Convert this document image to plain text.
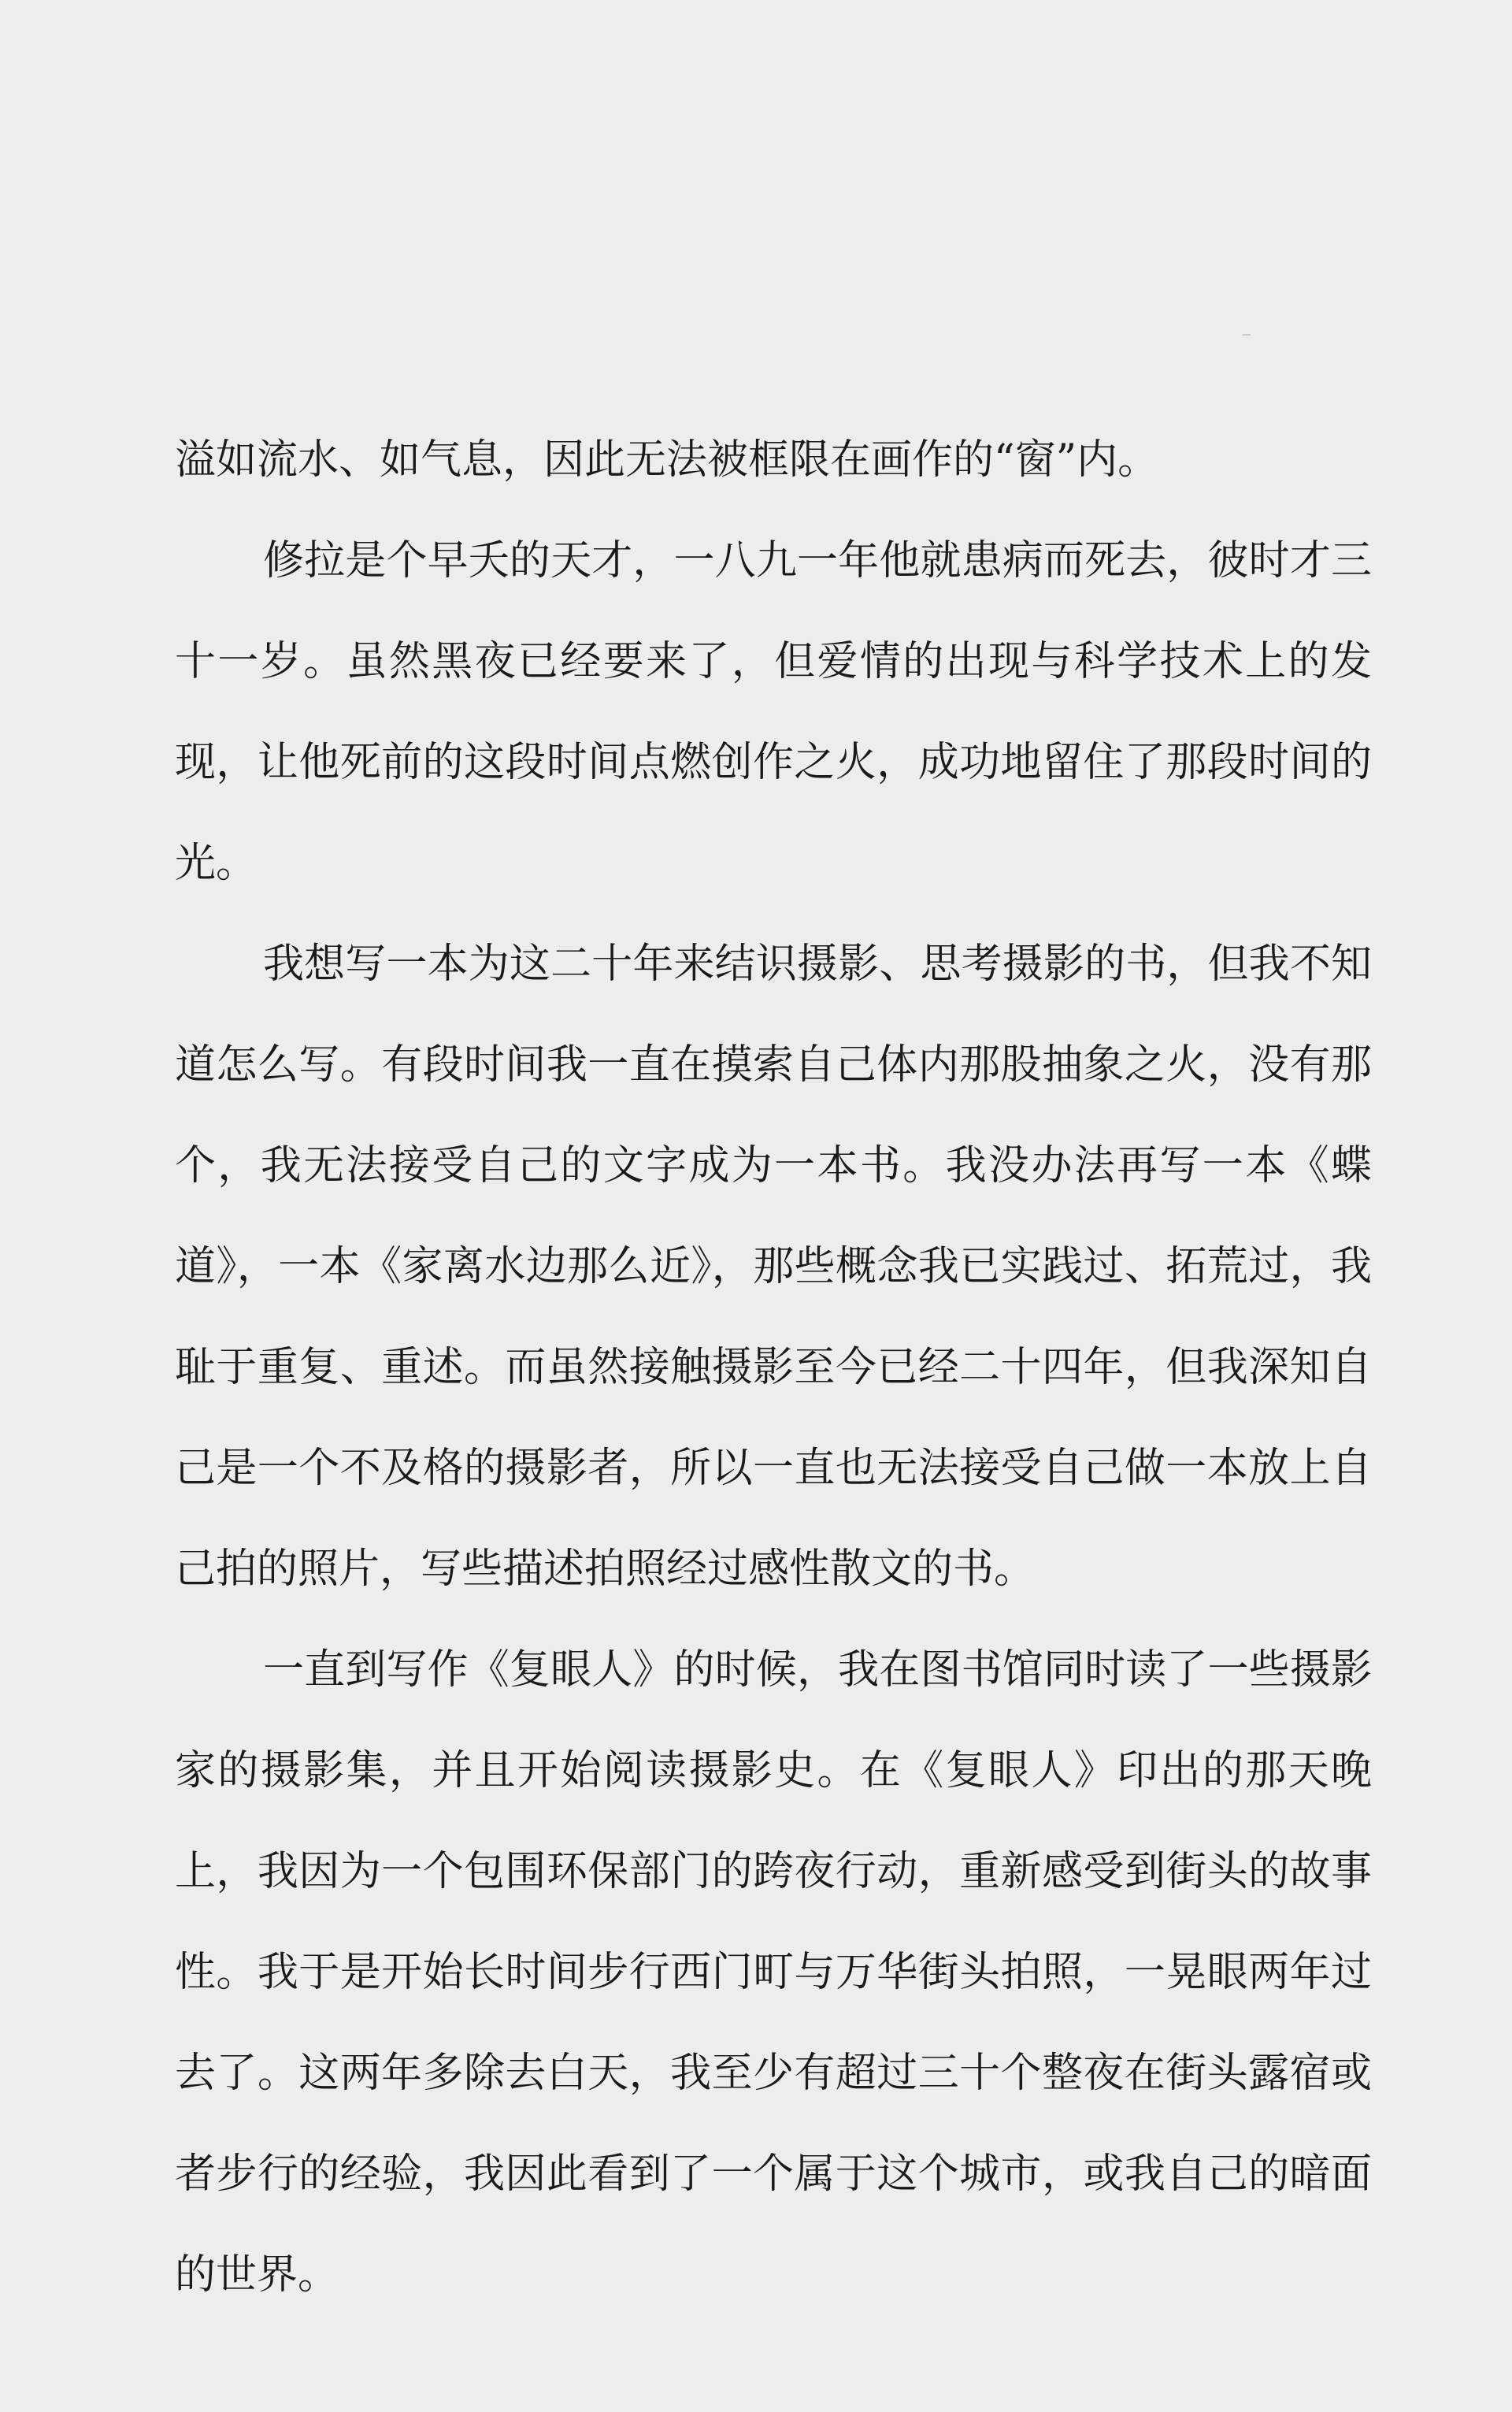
溢如流水、如气息，因此无法被框限在画作的“窗”内。

修拉是个早夭的天才，一八九一年他就患病而死去，彼时才三十一岁。虽然黑夜已经要来了，但爱情的出现与科学技术上的发现，让他死前的这段时间点燃创作之火，成功地留住了那段时间的光。

我想写一本为这二十年来结识摄影、思考摄影的书，但我不知道怎么写。有段时间我一直在摸索自己体内那股抽象之火，没有那个，我无法接受自己的文字成为一本书。我没办法再写一本《蝶道》，一本《家离水边那么近》，那些概念我已实践过、拓荒过，我耻于重复、重述。而虽然接触摄影至今已经二十四年，但我深知自己是一个不及格的摄影者，所以一直也无法接受自己做一本放上自己拍的照片，写些描述拍照经过感性散文的书。

一直到写作《复眼人》的时候，我在图书馆同时读了一些摄影家的摄影集，并且开始阅读摄影史。在《复眼人》印出的那天晚上，我因为一个包围环保部门的跨夜行动，重新感受到街头的故事性。我于是开始长时间步行西门町与万华街头拍照，一晃眼两年过去了。这两年多除去白天，我至少有超过三十个整夜在街头露宿或者步行的经验，我因此看到了一个属于这个城市，或我自己的暗面的世界。
